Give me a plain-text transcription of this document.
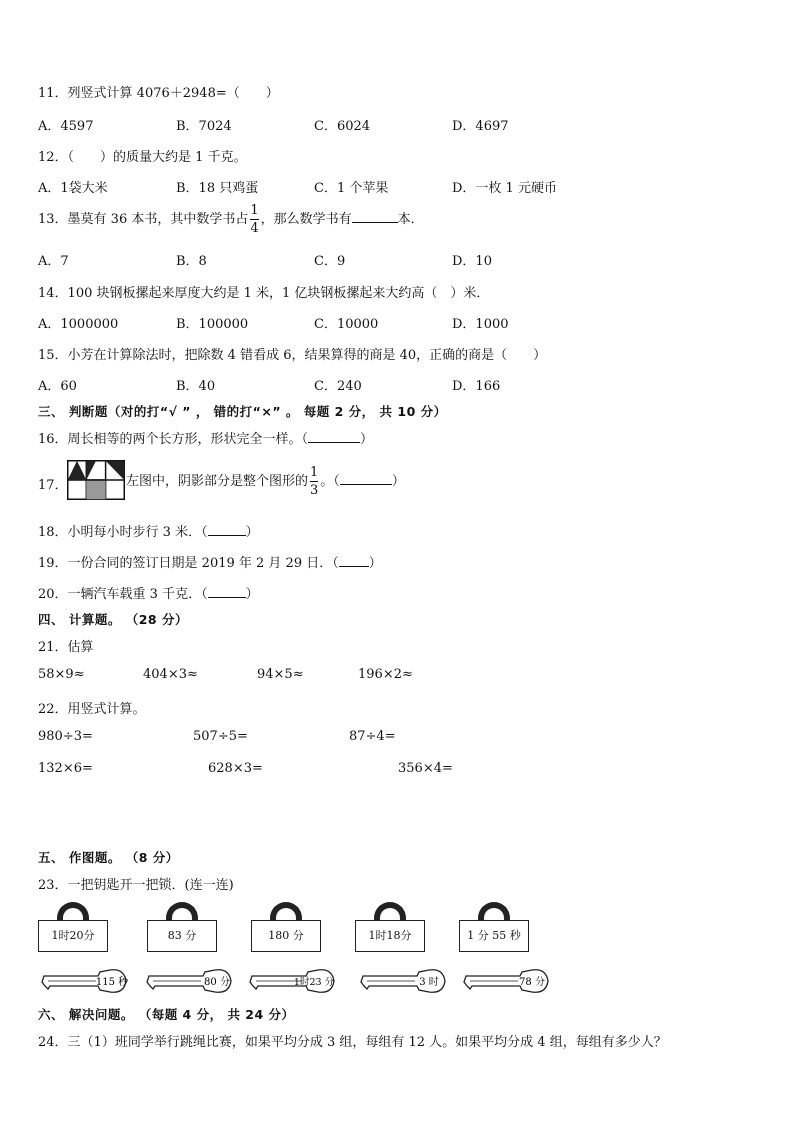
11．列竖式计算 4076＋2948=（　　）
A．4597	B．7024	C．6024	D．4697
12．（　　）的质量大约是 1 千克。
A．1袋大米	B．18 只鸡蛋	C．1 个苹果	D．一枚 1 元硬币
13．墨莫有 36 本书，其中数学书占 $\frac{1}{4}$ ，那么数学书有	本．
A．7	B．8	C．9	D．10
14．100 块钢板摞起来厚度大约是 1 米，1 亿块钢板摞起来大约高（　）米．
A．1000000	B．100000	C．10000	D．1000
15．小芳在计算除法时，把除数 4 错看成 6，结果算得的商是 40，正确的商是（　　）
A．60	B．40	C．240	D．166
三、 判断题（对的打“√ ” ， 错的打“×” 。 每题 2 分， 共 10 分）
16．周长相等的两个长方形，形状完全一样。（	）
17．	左图中，阴影部分是整个图形的 $\frac{1}{3}$ 。（	）
18．小明每小时步行 3 米．（	）
19．一份合同的签订日期是 2019 年 2 月 29 日．（ ）
20．一辆汽车载重 3 千克．（	）
四、 计算题。 （28 分）
21．估算
58×9≈	404×3≈	94×5≈	196×2≈
22．用竖式计算。
980÷3=	507÷5=	87÷4=
132×6=	628×3=	356×4=
五、 作图题。 （8 分）
23．一把钥匙开一把锁．(连一连)
1时20分	83 分	180 分	1时18分	1 分 55 秒
115 秒	80 分	1时23 分	3 时	78 分
六、 解决问题。 （每题 4 分， 共 24 分）
24．三（1）班同学举行跳绳比赛，如果平均分成 3 组，每组有 12 人。如果平均分成 4 组，每组有多少人？
